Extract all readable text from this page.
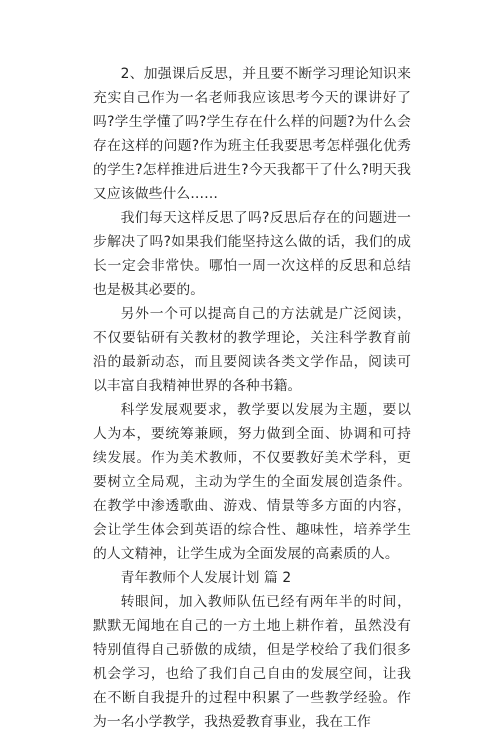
2、加强课后反思，并且要不断学习理论知识来充实自己作为一名老师我应该思考今天的课讲好了吗?学生学懂了吗?学生存在什么样的问题?为什么会存在这样的问题?作为班主任我要思考怎样强化优秀的学生?怎样推进后进生?今天我都干了什么?明天我又应该做些什么……

我们每天这样反思了吗?反思后存在的问题进一步解决了吗?如果我们能坚持这么做的话，我们的成长一定会非常快。哪怕一周一次这样的反思和总结也是极其必要的。

另外一个可以提高自己的方法就是广泛阅读，不仅要钻研有关教材的教学理论，关注科学教育前沿的最新动态，而且要阅读各类文学作品，阅读可以丰富自我精神世界的各种书籍。

科学发展观要求，教学要以发展为主题，要以人为本，要统筹兼顾，努力做到全面、协调和可持续发展。作为美术教师，不仅要教好美术学科，更要树立全局观，主动为学生的全面发展创造条件。在教学中渗透歌曲、游戏、情景等多方面的内容，会让学生体会到英语的综合性、趣味性，培养学生的人文精神，让学生成为全面发展的高素质的人。

青年教师个人发展计划 篇 2

转眼间，加入教师队伍已经有两年半的时间，默默无闻地在自己的一方土地上耕作着，虽然没有特别值得自己骄傲的成绩，但是学校给了我们很多机会学习，也给了我们自己自由的发展空间，让我在不断自我提升的过程中积累了一些教学经验。作为一名小学教学，我热爱教育事业，我在工作
